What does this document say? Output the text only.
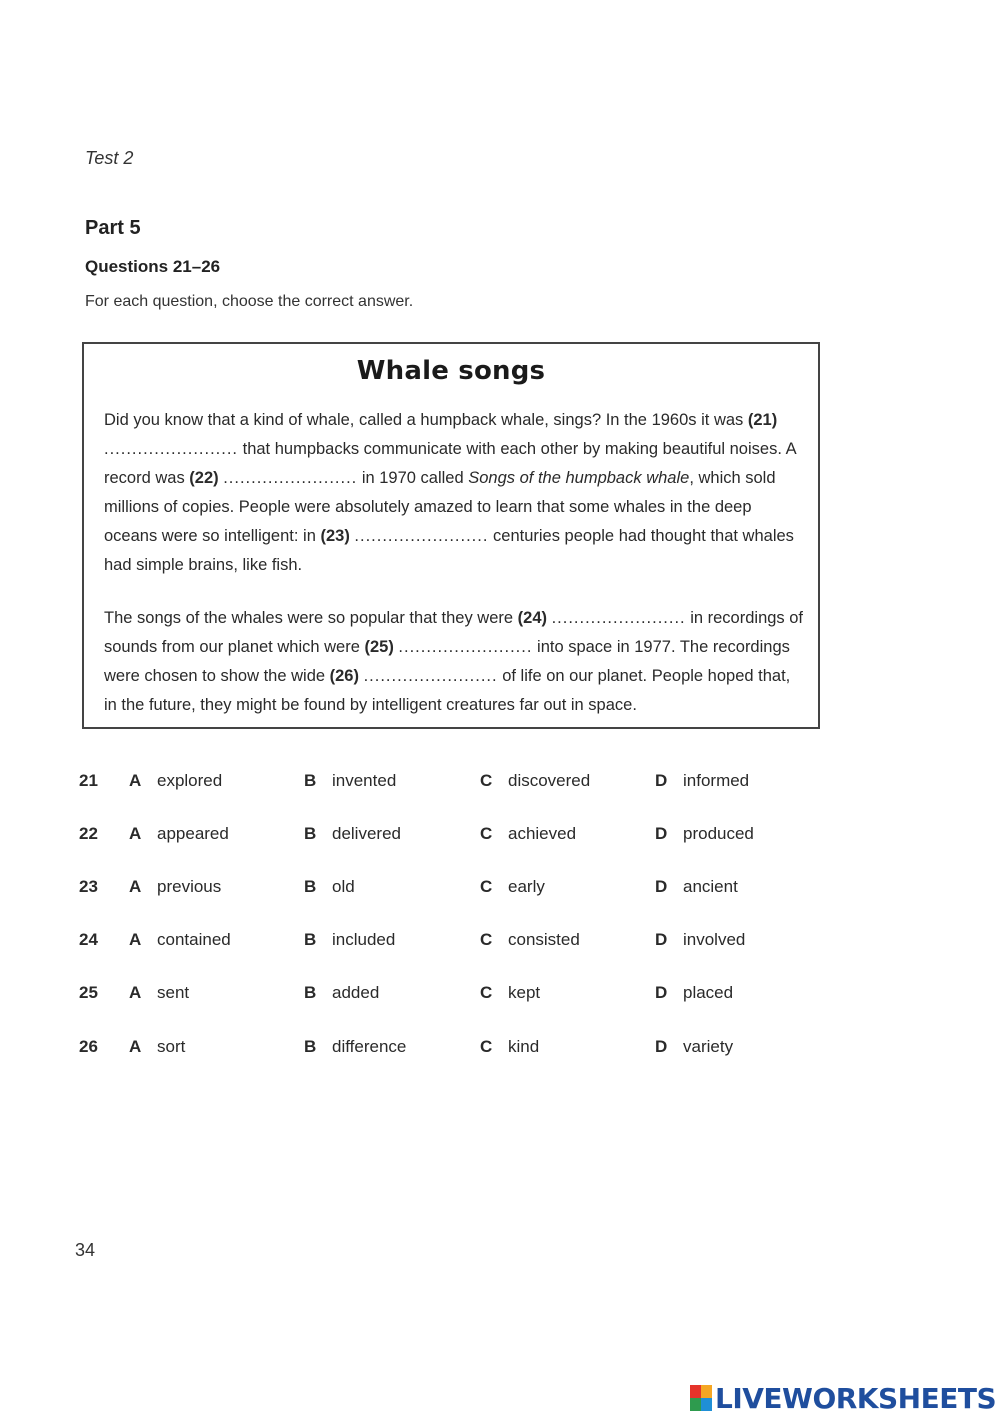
Test 2
Part 5
Questions 21–26
For each question, choose the correct answer.
Whale songs
Did you know that a kind of whale, called a humpback whale, sings? In the 1960s it was (21) ........................ that humpbacks communicate with each other by making beautiful noises. A record was (22) ........................ in 1970 called Songs of the humpback whale, which sold millions of copies. People were absolutely amazed to learn that some whales in the deep oceans were so intelligent: in (23) ........................ centuries people had thought that whales had simple brains, like fish.
The songs of the whales were so popular that they were (24) ........................ in recordings of sounds from our planet which were (25) ........................ into space in 1977. The recordings were chosen to show the wide (26) ........................ of life on our planet. People hoped that, in the future, they might be found by intelligent creatures far out in space.
21 A explored	B invented	C discovered	D informed
22 A appeared	B delivered	C achieved	D produced
23 A previous	B old	C early	D ancient
24 A contained	B included	C consisted	D involved
25 A sent	B added	C kept	D placed
26 A sort	B difference	C kind	D variety
34
LIVEWORKSHEETS
